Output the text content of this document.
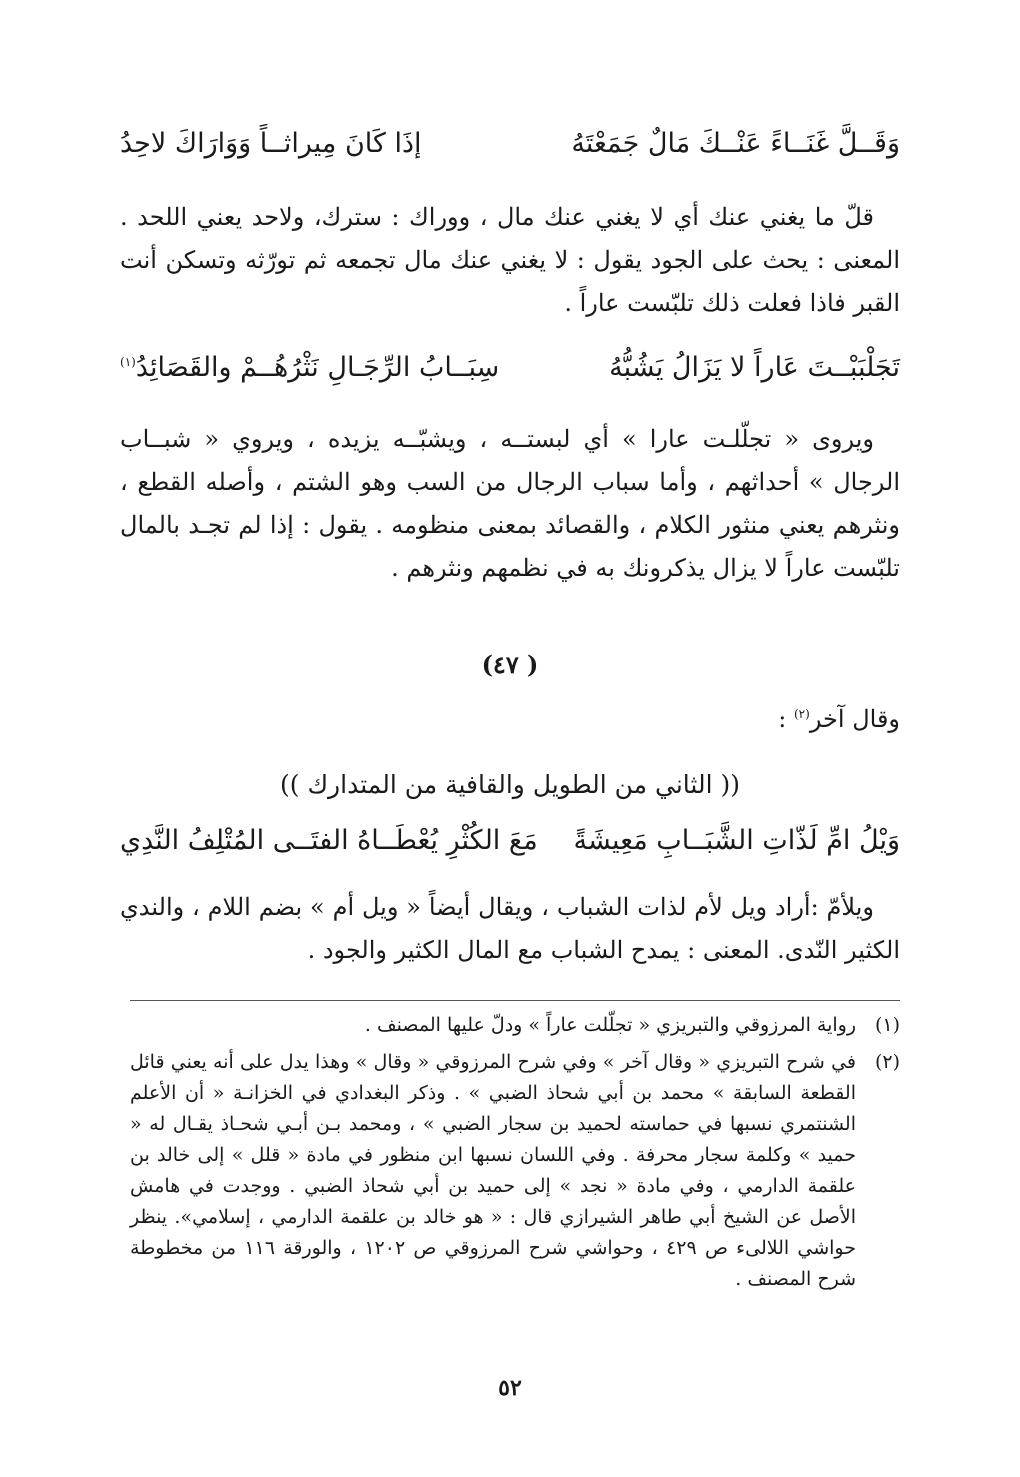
وَقَــلَّ غَنَــاءً عَنْــكَ مَالٌ جَمَعْتَهُ
إذَا كَانَ مِيراثــاً وَوَارَاكَ لاحِدُ

قلّ ما يغني عنك أي لا يغني عنك مال ، ووراك : سترك، ولاحد يعني اللحد . المعنى : يحث على الجود يقول : لا يغني عنك مال تجمعه ثم تورّثه وتسكن أنت القبر فاذا فعلت ذلك تلبّست عاراً .

تَجَلْبَبْــتَ عَاراً لا يَزَالُ يَشُبُّهُ
سِبَــابُ الرِّجَـالِ نَثْرُهُــمْ والقَصَائِدُ$^{(١)}$

ويروى « تجلّلـت عارا » أي لبستــه ، ويشبّــه يزيده ، ويروي « شبــاب الرجال » أحداثهم ، وأما سباب الرجال من السب وهو الشتم ، وأصله القطع ، ونثرهم يعني منثور الكلام ، والقصائد بمعنى منظومه . يقول : إذا لم تجـد بالمال تلبّست عاراً لا يزال يذكرونك به في نظمهم ونثرهم .

( ٤٧)
وقال آخر$^{(٢)}$ :
(( الثاني من الطويل والقافية من المتدارك ))
وَيْلُ امِّ لَذّاتِ الشَّبَــابِ مَعِيشَةً
مَعَ الكُثْرِ يُعْطَــاهُ الفتَــى المُتْلِفُ النَّدِي

ويلأمّ :أراد ويل لأم لذات الشباب ، ويقال أيضاً « ويل أم » بضم اللام ، والندي الكثير النّدى. المعنى : يمدح الشباب مع المال الكثير والجود .

(١)
رواية المرزوقي والتبريزي « تجلّلت عاراً » ودلّ عليها المصنف .
(٢)
في شرح التبريزي « وقال آخر » وفي شرح المرزوقي « وقال » وهذا يدل على أنه يعني قائل القطعة السابقة » محمد بن أبي شحاذ الضبي » . وذكر البغدادي في الخزانـة « أن الأعلم الشنتمري نسبها في حماسته لحميد بن سجار الضبي » ، ومحمد بـن أبـي شحـاذ يقـال له « حميد » وكلمة سجار محرفة . وفي اللسان نسبها ابن منظور في مادة « قلل » إلى خالد بن علقمة الدارمي ، وفي مادة « نجد » إلى حميد بن أبي شحاذ الضبي . ووجدت في هامش الأصل عن الشيخ أبي طاهر الشيرازي قال : « هو خالد بن علقمة الدارمي ، إسلامي». ينظر حواشي اللالىء ص ٤٢٩ ، وحواشي شرح المرزوقي ص ١٢٠٢ ، والورقة ١١٦ من مخطوطة شرح المصنف .
٥٢
